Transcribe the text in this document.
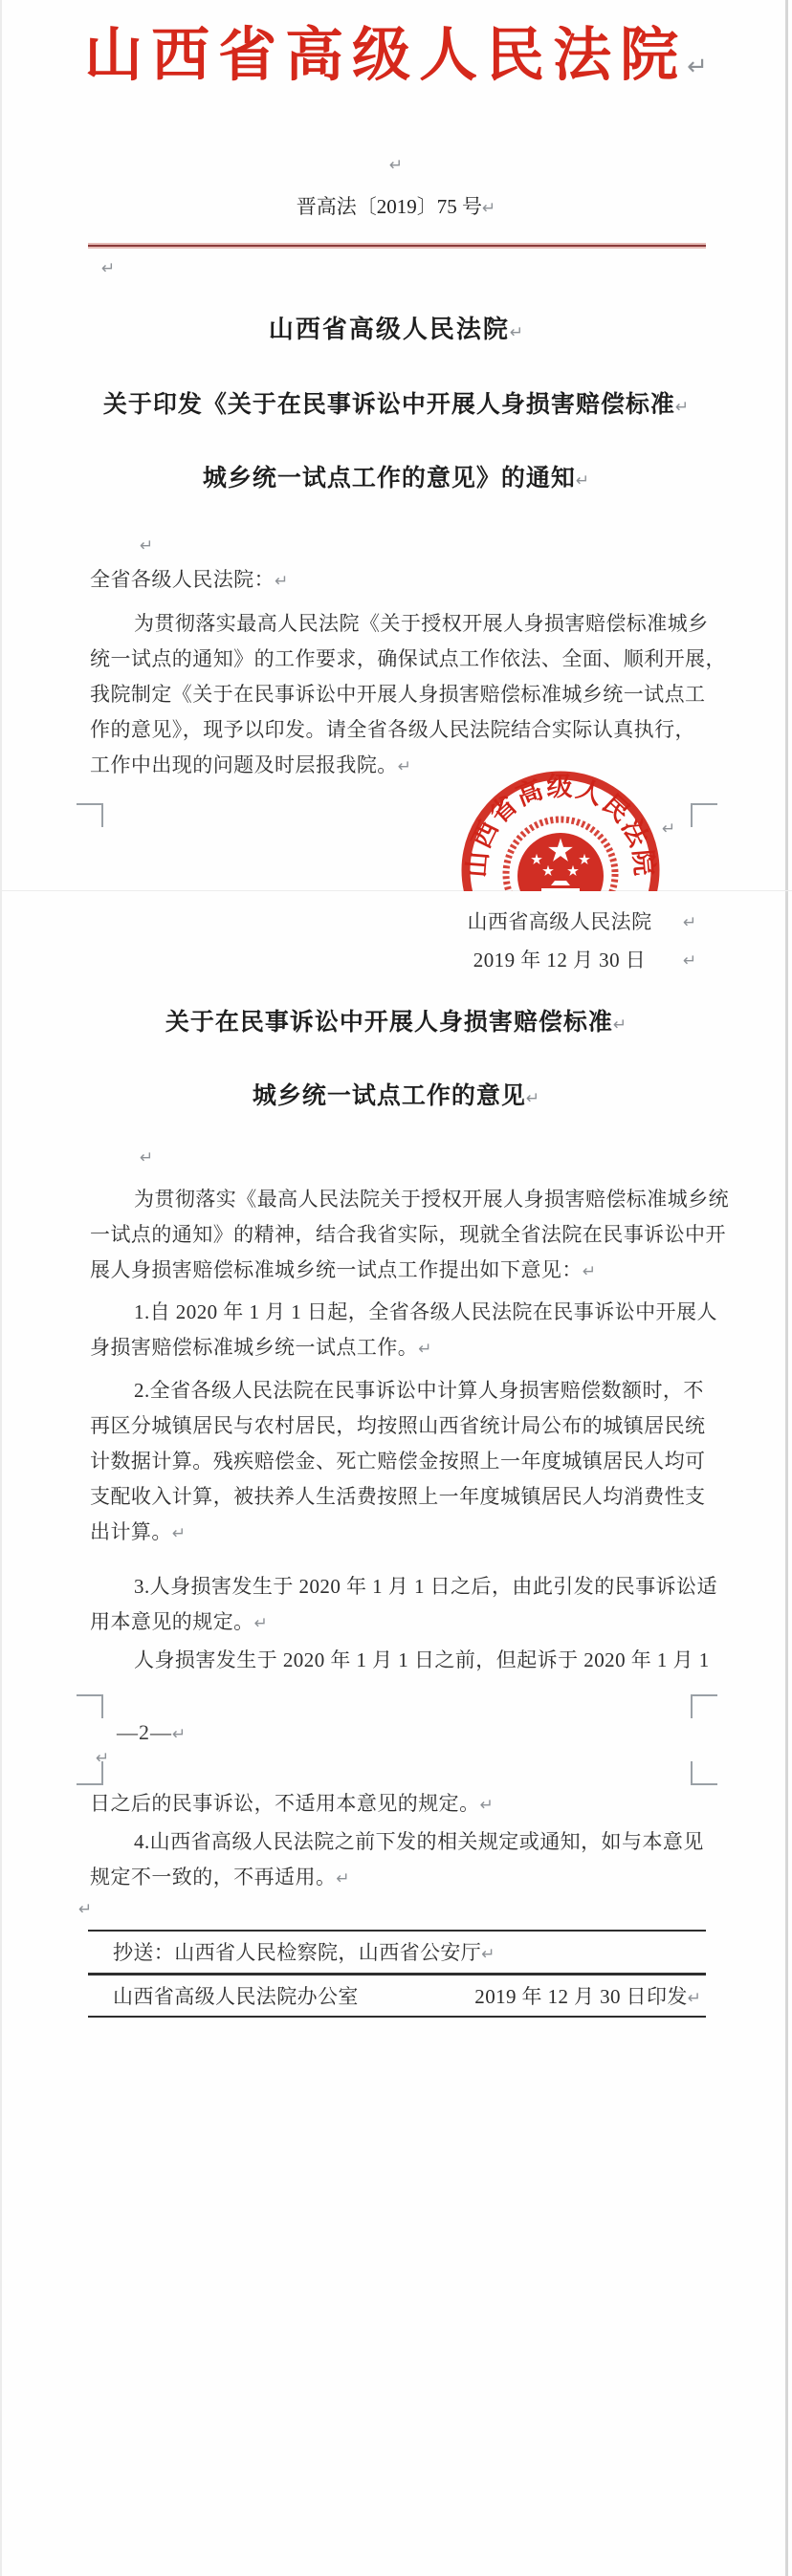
山西省高级人民法院↵
↵
晋高法〔2019〕75 号↵
↵
山西省高级人民法院↵
关于印发《关于在民事诉讼中开展人身损害赔偿标准↵
城乡统一试点工作的意见》的通知↵
↵
全省各级人民法院：↵
为贯彻落实最高人民法院《关于授权开展人身损害赔偿标准城乡
统一试点的通知》的工作要求，确保试点工作依法、全面、顺利开展，
我院制定《关于在民事诉讼中开展人身损害赔偿标准城乡统一试点工
作的意见》，现予以印发。请全省各级人民法院结合实际认真执行，
工作中出现的问题及时层报我院。↵
山西省高级人民法院
↵
山西省高级人民法院	↵
2019 年 12 月 30 日	↵
关于在民事诉讼中开展人身损害赔偿标准↵
城乡统一试点工作的意见↵
↵
为贯彻落实《最高人民法院关于授权开展人身损害赔偿标准城乡统
一试点的通知》的精神，结合我省实际，现就全省法院在民事诉讼中开
展人身损害赔偿标准城乡统一试点工作提出如下意见：↵
1.自 2020 年 1 月 1 日起，全省各级人民法院在民事诉讼中开展人
身损害赔偿标准城乡统一试点工作。↵
2.全省各级人民法院在民事诉讼中计算人身损害赔偿数额时，不
再区分城镇居民与农村居民，均按照山西省统计局公布的城镇居民统
计数据计算。残疾赔偿金、死亡赔偿金按照上一年度城镇居民人均可
支配收入计算，被扶养人生活费按照上一年度城镇居民人均消费性支
出计算。↵
3.人身损害发生于 2020 年 1 月 1 日之后，由此引发的民事诉讼适
用本意见的规定。↵
人身损害发生于 2020 年 1 月 1 日之前，但起诉于 2020 年 1 月 1
—2—↵
↵
日之后的民事诉讼，不适用本意见的规定。↵
4.山西省高级人民法院之前下发的相关规定或通知，如与本意见
规定不一致的，不再适用。↵
↵
抄送：山西省人民检察院，山西省公安厅↵
山西省高级人民法院办公室	2019 年 12 月 30 日印发↵
